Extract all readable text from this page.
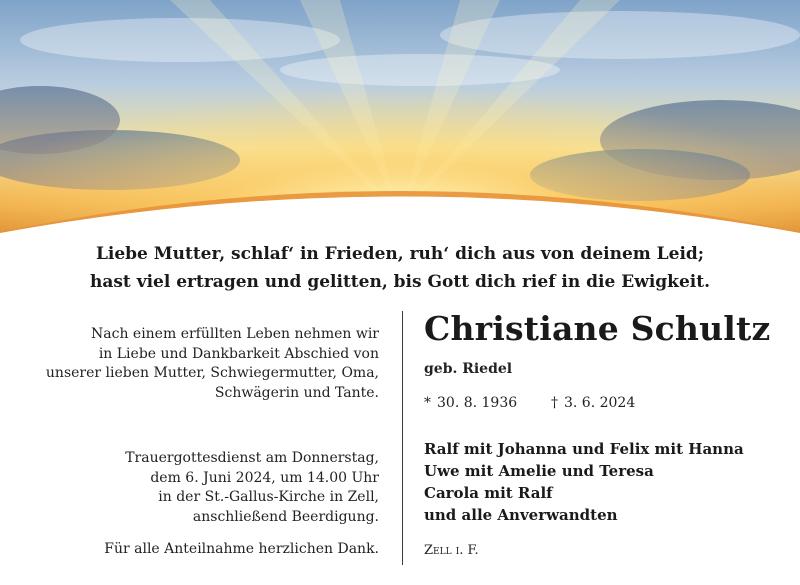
Liebe Mutter, schlaf‘ in Frieden, ruh‘ dich aus von deinem Leid;
hast viel ertragen und gelitten, bis Gott dich rief in die Ewigkeit.
Nach einem erfüllten Leben nehmen wir
in Liebe und Dankbarkeit Abschied von
unserer lieben Mutter, Schwiegermutter, Oma,
Schwägerin und Tante.
Trauergottesdienst am Donnerstag,
dem 6. Juni 2024, um 14.00 Uhr
in der St.-Gallus-Kirche in Zell,
anschließend Beerdigung.
Für alle Anteilnahme herzlichen Dank.
Christiane Schultz
geb. Riedel
* 30. 8. 1936 † 3. 6. 2024
Ralf mit Johanna und Felix mit Hanna
Uwe mit Amelie und Teresa
Carola mit Ralf
und alle Anverwandten
Zell i. F.
